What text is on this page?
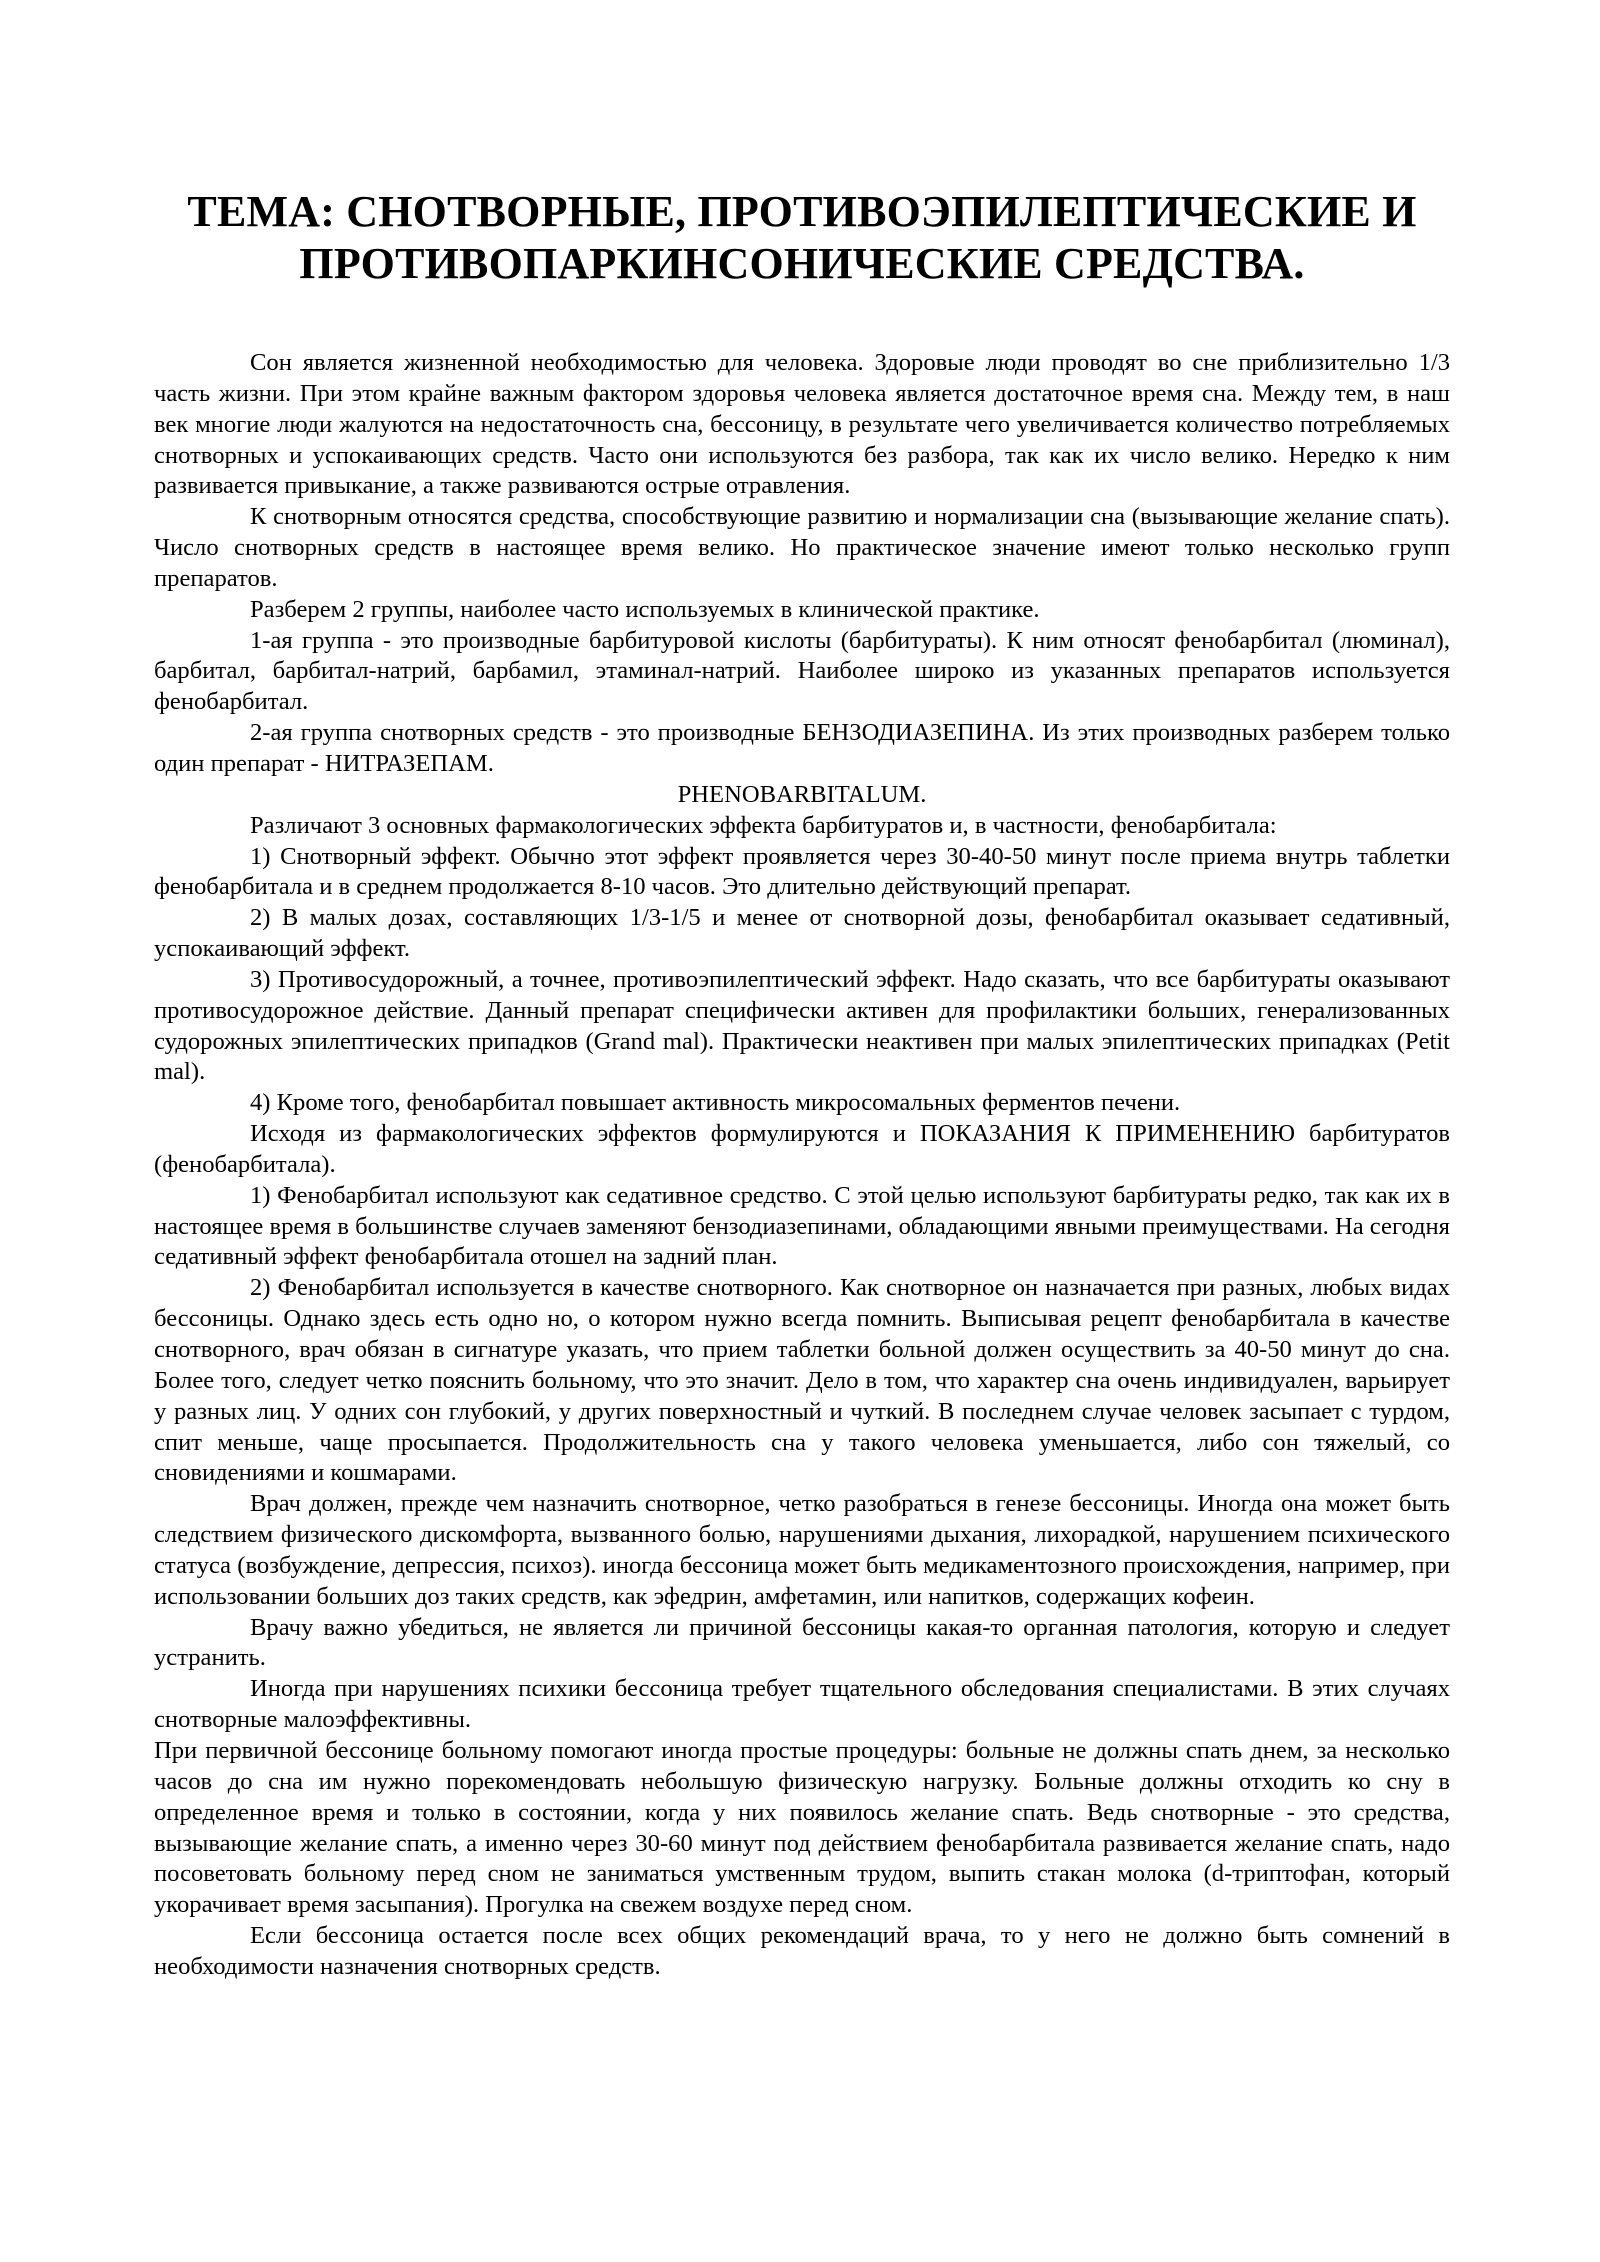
ТЕМА: СНОТВОРНЫЕ, ПРОТИВОЭПИЛЕПТИЧЕСКИЕ И
ПРОТИВОПАРКИНСОНИЧЕСКИЕ СРЕДСТВА.

Сон является жизненной необходимостью для человека. Здоровые люди проводят во сне приблизительно 1/3 часть жизни. При этом крайне важным фактором здоровья человека является достаточное время сна. Между тем, в наш век многие люди жалуются на недостаточность сна, бессоницу, в результате чего увеличивается количество потребляемых снотворных и успокаивающих средств. Часто они используются без разбора, так как их число велико. Нередко к ним развивается привыкание, а также развиваются острые отравления.

К снотворным относятся средства, способствующие развитию и нормализации сна (вызывающие желание спать). Число снотворных средств в настоящее время велико. Но практическое значение имеют только несколько групп препаратов.

Разберем 2 группы, наиболее часто используемых в клинической практике.

1-ая группа - это производные барбитуровой кислоты (барбитураты). К ним относят фенобарбитал (люминал), барбитал, барбитал-натрий, барбамил, этаминал-натрий. Наиболее широко из указанных препаратов используется фенобарбитал.

2-ая группа снотворных средств - это производные БЕНЗОДИАЗЕПИНА. Из этих производных разберем только один препарат - НИТРАЗЕПАМ.

PHENOBARBITALUM.

Различают 3 основных фармакологических эффекта барбитуратов и, в частности, фенобарбитала:

1) Снотворный эффект. Обычно этот эффект проявляется через 30-40-50 минут после приема внутрь таблетки фенобарбитала и в среднем продолжается 8-10 часов. Это длительно действующий препарат.

2) В малых дозах, составляющих 1/3-1/5 и менее от снотворной дозы, фенобарбитал оказывает седативный, успокаивающий эффект.

3) Противосудорожный, а точнее, противоэпилептический эффект. Надо сказать, что все барбитураты оказывают противосудорожное действие. Данный препарат специфически активен для профилактики больших, генерализованных судорожных эпилептических припадков (Grand mal). Практически неактивен при малых эпилептических припадках (Petit mal).

4) Кроме того, фенобарбитал повышает активность микросомальных ферментов печени.

Исходя из фармакологических эффектов формулируются и ПОКАЗАНИЯ К ПРИМЕНЕНИЮ барбитуратов (фенобарбитала).

1) Фенобарбитал используют как седативное средство. С этой целью используют барбитураты редко, так как их в настоящее время в большинстве случаев заменяют бензодиазепинами, обладающими явными преимуществами. На сегодня седативный эффект фенобарбитала отошел на задний план.

2) Фенобарбитал используется в качестве снотворного. Как снотворное он назначается при разных, любых видах бессоницы. Однако здесь есть одно но, о котором нужно всегда помнить. Выписывая рецепт фенобарбитала в качестве снотворного, врач обязан в сигнатуре указать, что прием таблетки больной должен осуществить за 40-50 минут до сна. Более того, следует четко пояснить больному, что это значит. Дело в том, что характер сна очень индивидуален, варьирует у разных лиц. У одних сон глубокий, у других поверхностный и чуткий. В последнем случае человек засыпает с турдом, спит меньше, чаще просыпается. Продолжительность сна у такого человека уменьшается, либо сон тяжелый, со сновидениями и кошмарами.

Врач должен, прежде чем назначить снотворное, четко разобраться в генезе бессоницы. Иногда она может быть следствием физического дискомфорта, вызванного болью, нарушениями дыхания, лихорадкой, нарушением психического статуса (возбуждение, депрессия, психоз). иногда бессоница может быть медикаментозного происхождения, например, при использовании больших доз таких средств, как эфедрин, амфетамин, или напитков, содержащих кофеин.

Врачу важно убедиться, не является ли причиной бессоницы какая-то органная патология, которую и следует устранить.

Иногда при нарушениях психики бессоница требует тщательного обследования специалистами. В этих случаях снотворные малоэффективны.

При первичной бессонице больному помогают иногда простые процедуры: больные не должны спать днем, за несколько часов до сна им нужно порекомендовать небольшую физическую нагрузку. Больные должны отходить ко сну в определенное время и только в состоянии, когда у них появилось желание спать. Ведь снотворные - это средства, вызывающие желание спать, а именно через 30-60 минут под действием фенобарбитала развивается желание спать, надо посоветовать больному перед сном не заниматься умственным трудом, выпить стакан молока (d-триптофан, который укорачивает время засыпания). Прогулка на свежем воздухе перед сном.

Если бессоница остается после всех общих рекомендаций врача, то у него не должно быть сомнений в необходимости назначения снотворных средств.
